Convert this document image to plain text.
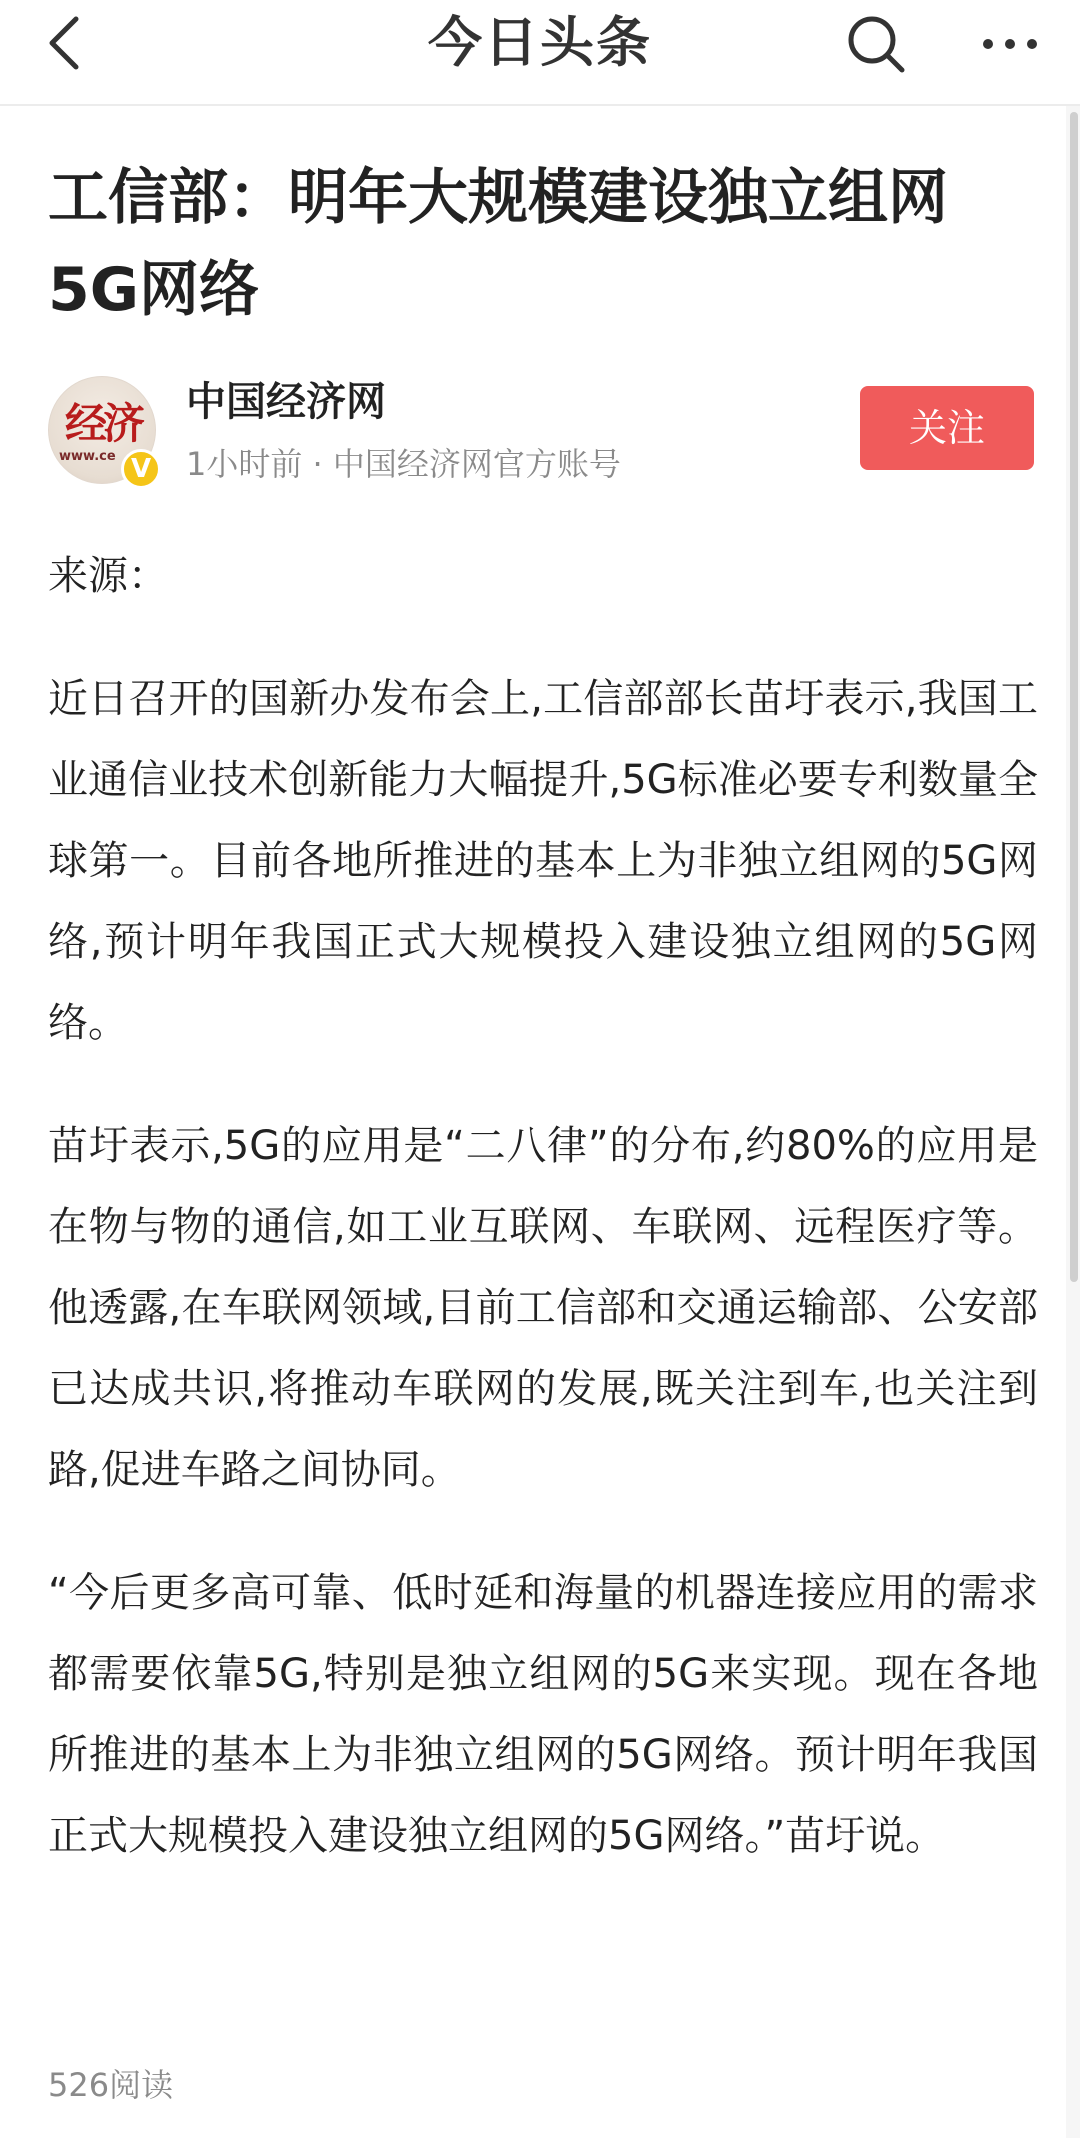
今日头条
工信部：明年大规模建设独立组网5G网络
经济
www.ce V
中国经济网
1小时前 · 中国经济网官方账号
关注

来源：

近日召开的国新办发布会上,工信部部长苗圩表示,我国工业通信业技术创新能力大幅提升,5G标准必要专利数量全球第一。目前各地所推进的基本上为非独立组网的5G网络,预计明年我国正式大规模投入建设独立组网的5G网络。

苗圩表示,5G的应用是“二八律”的分布,约80%的应用是在物与物的通信,如工业互联网、车联网、远程医疗等。他透露,在车联网领域,目前工信部和交通运输部、公安部已达成共识,将推动车联网的发展,既关注到车,也关注到路,促进车路之间协同。

“今后更多高可靠、低时延和海量的机器连接应用的需求都需要依靠5G,特别是独立组网的5G来实现。现在各地所推进的基本上为非独立组网的5G网络。预计明年我国正式大规模投入建设独立组网的5G网络。”苗圩说。

526阅读
